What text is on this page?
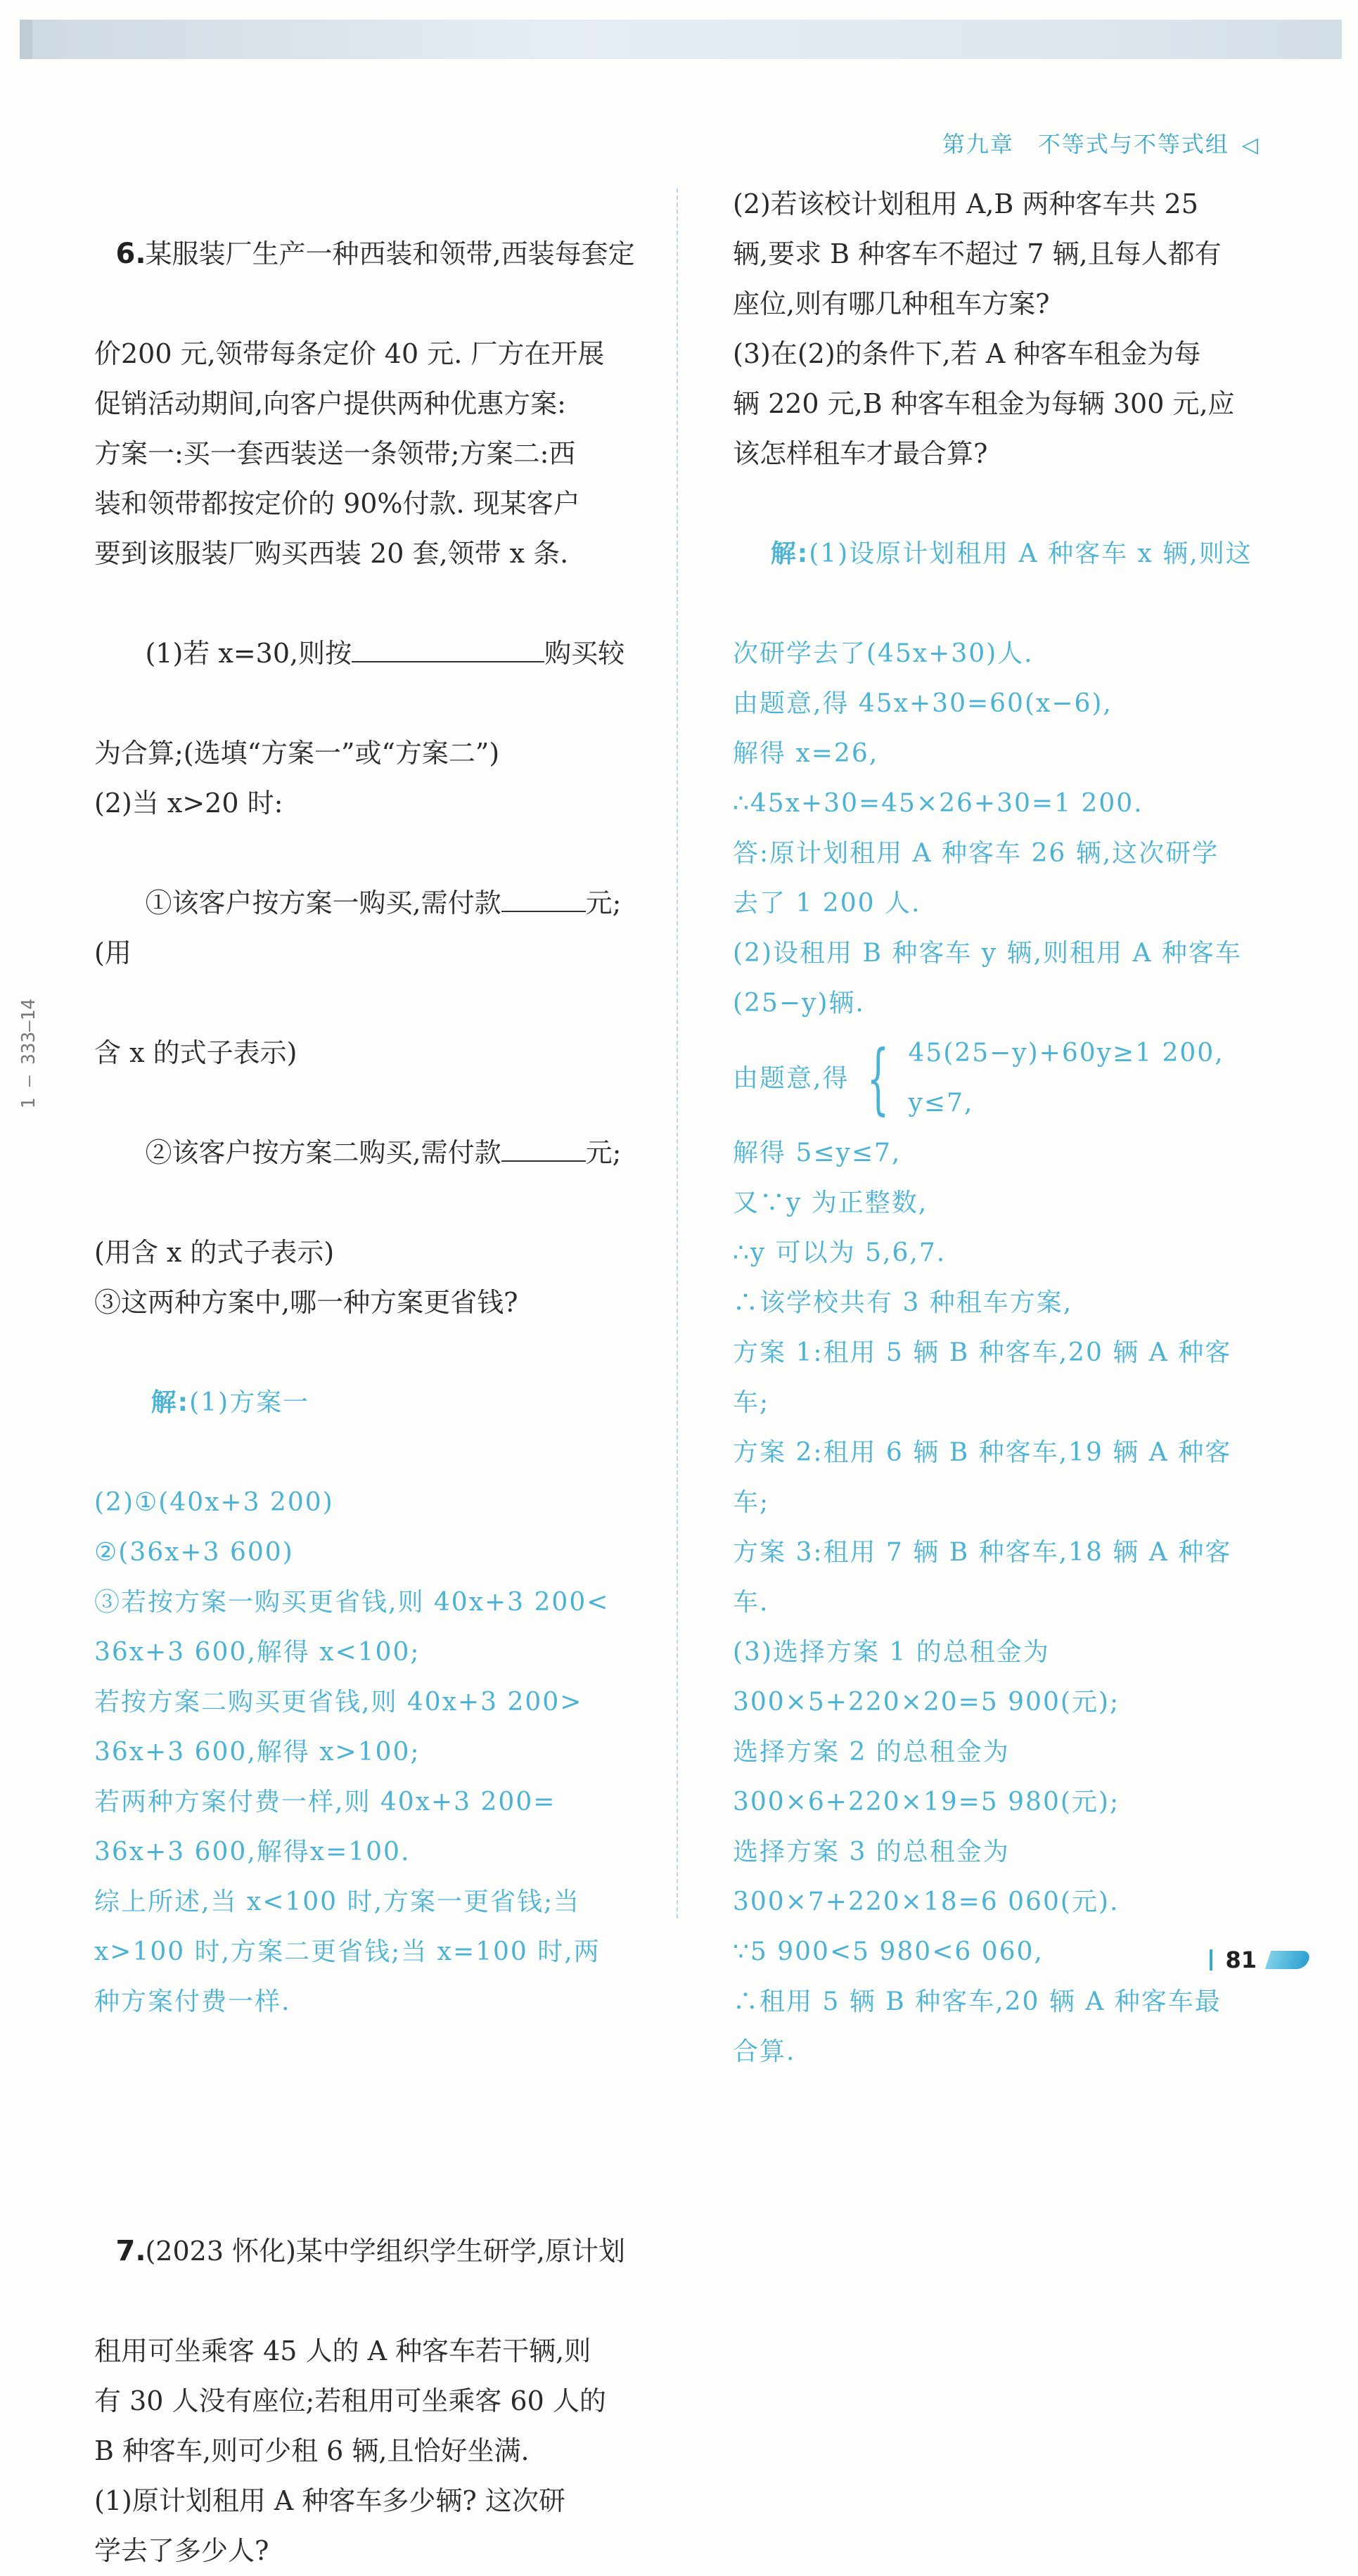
第九章　不等式与不等式组 ◁
1 — 333—14

6.某服装厂生产一种西装和领带,西装每套定

价200 元,领带每条定价 40 元. 厂方在开展

促销活动期间,向客户提供两种优惠方案:

方案一:买一套西装送一条领带;方案二:西

装和领带都按定价的 90%付款. 现某客户

要到该服装厂购买西装 20 套,领带 x 条.

(1)若 x=30,则按	购买较

为合算;(选填“方案一”或“方案二”)

(2)当 x>20 时:

①该客户按方案一购买,需付款	元;(用

含 x 的式子表示)

②该客户按方案二购买,需付款	元;

(用含 x 的式子表示)

③这两种方案中,哪一种方案更省钱?

解:(1)方案一

(2)①(40x+3 200)

②(36x+3 600)

③若按方案一购买更省钱,则 40x+3 200<

36x+3 600,解得 x<100;

若按方案二购买更省钱,则 40x+3 200>

36x+3 600,解得 x>100;

若两种方案付费一样,则 40x+3 200=

36x+3 600,解得x=100.

综上所述,当 x<100 时,方案一更省钱;当

x>100 时,方案二更省钱;当 x=100 时,两

种方案付费一样.

7.(2023 怀化)某中学组织学生研学,原计划

租用可坐乘客 45 人的 A 种客车若干辆,则

有 30 人没有座位;若租用可坐乘客 60 人的

B 种客车,则可少租 6 辆,且恰好坐满.

(1)原计划租用 A 种客车多少辆? 这次研

学去了多少人?

(2)若该校计划租用 A,B 两种客车共 25

辆,要求 B 种客车不超过 7 辆,且每人都有

座位,则有哪几种租车方案?

(3)在(2)的条件下,若 A 种客车租金为每

辆 220 元,B 种客车租金为每辆 300 元,应

该怎样租车才最合算?

解:(1)设原计划租用 A 种客车 x 辆,则这

次研学去了(45x+30)人.

由题意,得 45x+30=60(x−6),

解得 x=26,

∴45x+30=45×26+30=1 200.

答:原计划租用 A 种客车 26 辆,这次研学

去了 1 200 人.

(2)设租用 B 种客车 y 辆,则租用 A 种客车

(25−y)辆.

由题意,得 { 45(25−y)+60y≥1 200,
y≤7,

解得 5≤y≤7,

又∵y 为正整数,

∴y 可以为 5,6,7.

∴该学校共有 3 种租车方案,

方案 1:租用 5 辆 B 种客车,20 辆 A 种客车;

方案 2:租用 6 辆 B 种客车,19 辆 A 种客车;

方案 3:租用 7 辆 B 种客车,18 辆 A 种客车.

(3)选择方案 1 的总租金为

300×5+220×20=5 900(元);

选择方案 2 的总租金为

300×6+220×19=5 980(元);

选择方案 3 的总租金为

300×7+220×18=6 060(元).

∵5 900<5 980<6 060,

∴租用 5 辆 B 种客车,20 辆 A 种客车最

合算.

81
